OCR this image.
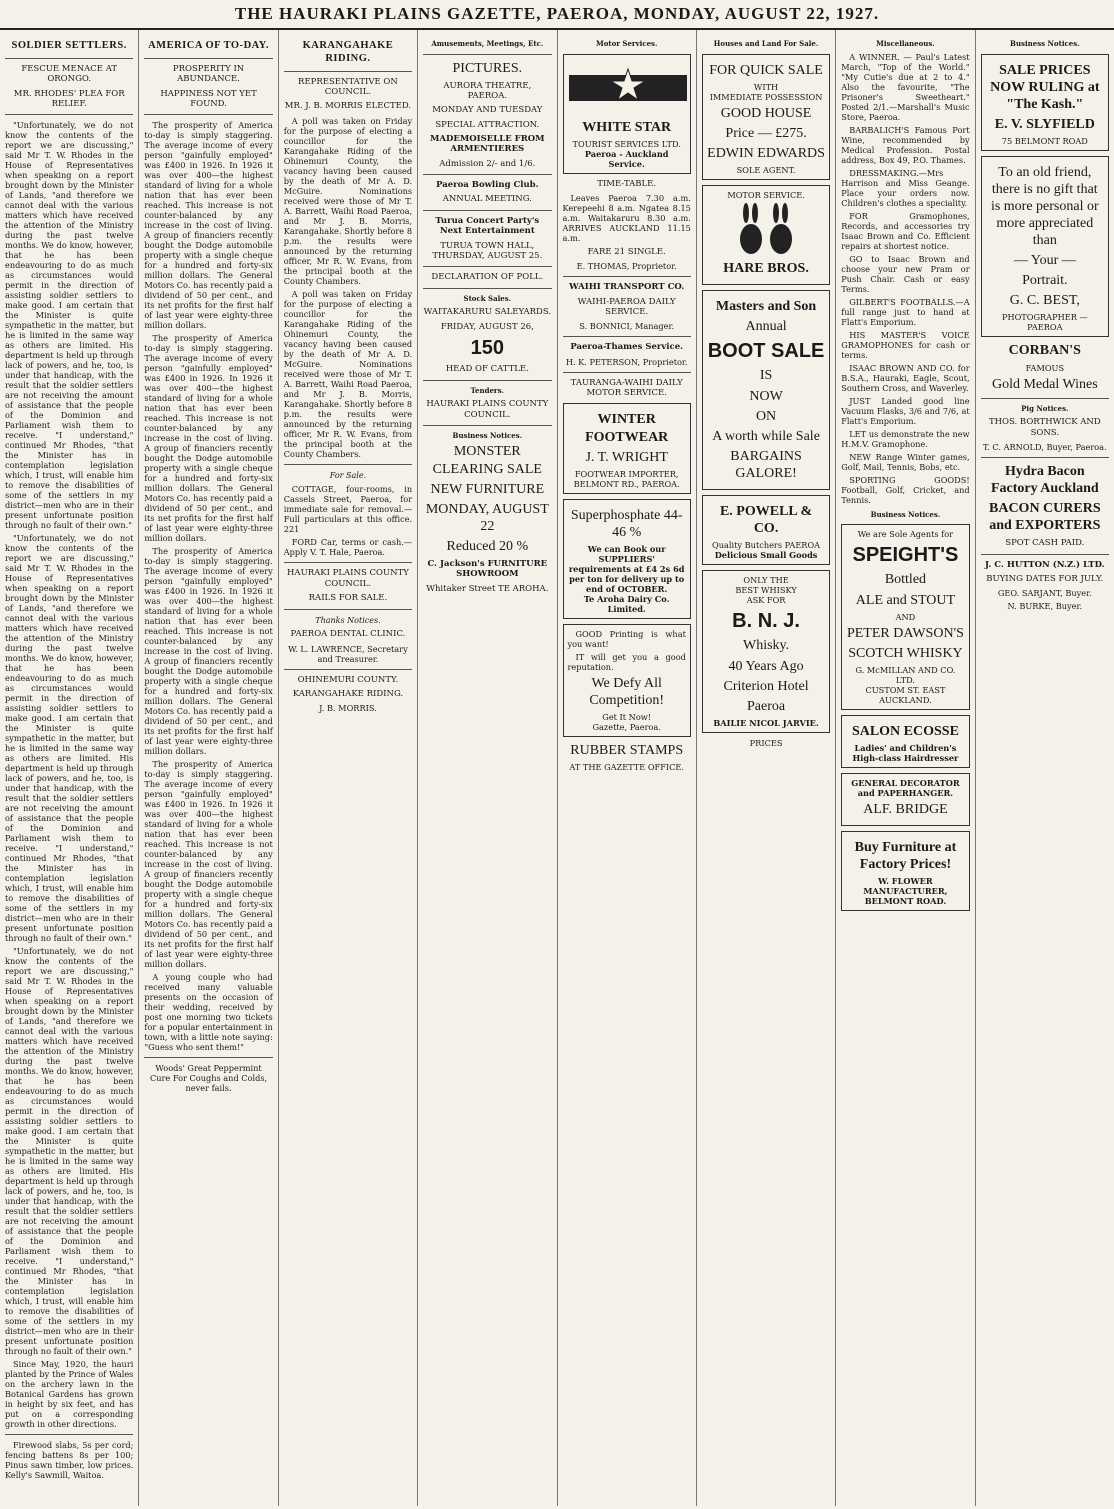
THE HAURAKI PLAINS GAZETTE, PAEROA, MONDAY, AUGUST 22, 1927.
SOLDIER SETTLERS.
FESCUE MENACE AT ORONGO.
MR. RHODES' PLEA FOR RELIEF.

"Unfortunately, we do not know the contents of the report we are discussing," said Mr T. W. Rhodes in the House of Representatives when speaking on a report brought down by the Minister of Lands, "and therefore we cannot deal with the various matters which have received the attention of the Ministry during the past twelve months. We do know, however, that he has been endeavouring to do as much as circumstances would permit in the direction of assisting soldier settlers to make good. I am certain that the Minister is quite sympathetic in the matter, but he is limited in the same way as others are limited. His department is held up through lack of powers, and he, too, is under that handicap, with the result that the soldier settlers are not receiving the amount of assistance that the people of the Dominion and Parliament wish them to receive. "I understand," continued Mr Rhodes, "that the Minister has in contemplation legislation which, I trust, will enable him to remove the disabilities of some of the settlers in my district—men who are in their present unfortunate position through no fault of their own."

"Unfortunately, we do not know the contents of the report we are discussing," said Mr T. W. Rhodes in the House of Representatives when speaking on a report brought down by the Minister of Lands, "and therefore we cannot deal with the various matters which have received the attention of the Ministry during the past twelve months. We do know, however, that he has been endeavouring to do as much as circumstances would permit in the direction of assisting soldier settlers to make good. I am certain that the Minister is quite sympathetic in the matter, but he is limited in the same way as others are limited. His department is held up through lack of powers, and he, too, is under that handicap, with the result that the soldier settlers are not receiving the amount of assistance that the people of the Dominion and Parliament wish them to receive. "I understand," continued Mr Rhodes, "that the Minister has in contemplation legislation which, I trust, will enable him to remove the disabilities of some of the settlers in my district—men who are in their present unfortunate position through no fault of their own."

"Unfortunately, we do not know the contents of the report we are discussing," said Mr T. W. Rhodes in the House of Representatives when speaking on a report brought down by the Minister of Lands, "and therefore we cannot deal with the various matters which have received the attention of the Ministry during the past twelve months. We do know, however, that he has been endeavouring to do as much as circumstances would permit in the direction of assisting soldier settlers to make good. I am certain that the Minister is quite sympathetic in the matter, but he is limited in the same way as others are limited. His department is held up through lack of powers, and he, too, is under that handicap, with the result that the soldier settlers are not receiving the amount of assistance that the people of the Dominion and Parliament wish them to receive. "I understand," continued Mr Rhodes, "that the Minister has in contemplation legislation which, I trust, will enable him to remove the disabilities of some of the settlers in my district—men who are in their present unfortunate position through no fault of their own."

Since May, 1920, the hauri planted by the Prince of Wales on the archery lawn in the Botanical Gardens has grown in height by six feet, and has put on a corresponding growth in other directions.

Firewood slabs, 5s per cord; fencing battens 8s per 100; Pinus sawn timber, low prices. Kelly's Sawmill, Waitoa.

AMERICA OF TO-DAY.
PROSPERITY IN ABUNDANCE.
HAPPINESS NOT YET FOUND.

The prosperity of America to-day is simply staggering. The average income of every person "gainfully employed" was £400 in 1926. In 1926 it was over 400—the highest standard of living for a whole nation that has ever been reached. This increase is not counter-balanced by any increase in the cost of living. A group of financiers recently bought the Dodge automobile property with a single cheque for a hundred and forty-six million dollars. The General Motors Co. has recently paid a dividend of 50 per cent., and its net profits for the first half of last year were eighty-three million dollars.

The prosperity of America to-day is simply staggering. The average income of every person "gainfully employed" was £400 in 1926. In 1926 it was over 400—the highest standard of living for a whole nation that has ever been reached. This increase is not counter-balanced by any increase in the cost of living. A group of financiers recently bought the Dodge automobile property with a single cheque for a hundred and forty-six million dollars. The General Motors Co. has recently paid a dividend of 50 per cent., and its net profits for the first half of last year were eighty-three million dollars.

The prosperity of America to-day is simply staggering. The average income of every person "gainfully employed" was £400 in 1926. In 1926 it was over 400—the highest standard of living for a whole nation that has ever been reached. This increase is not counter-balanced by any increase in the cost of living. A group of financiers recently bought the Dodge automobile property with a single cheque for a hundred and forty-six million dollars. The General Motors Co. has recently paid a dividend of 50 per cent., and its net profits for the first half of last year were eighty-three million dollars.

The prosperity of America to-day is simply staggering. The average income of every person "gainfully employed" was £400 in 1926. In 1926 it was over 400—the highest standard of living for a whole nation that has ever been reached. This increase is not counter-balanced by any increase in the cost of living. A group of financiers recently bought the Dodge automobile property with a single cheque for a hundred and forty-six million dollars. The General Motors Co. has recently paid a dividend of 50 per cent., and its net profits for the first half of last year were eighty-three million dollars.

A young couple who had received many valuable presents on the occasion of their wedding, received by post one morning two tickets for a popular entertainment in town, with a little note saying: "Guess who sent them!"

Woods' Great Peppermint Cure For Coughs and Colds, never fails.

KARANGAHAKE RIDING.
REPRESENTATIVE ON COUNCIL.
MR. J. B. MORRIS ELECTED.

A poll was taken on Friday for the purpose of electing a councillor for the Karangahake Riding of the Ohinemuri County, the vacancy having been caused by the death of Mr A. D. McGuire. Nominations received were those of Mr T. A. Barrett, Waihi Road Paeroa, and Mr J. B. Morris, Karangahake. Shortly before 8 p.m. the results were announced by the returning officer, Mr R. W. Evans, from the principal booth at the County Chambers.

A poll was taken on Friday for the purpose of electing a councillor for the Karangahake Riding of the Ohinemuri County, the vacancy having been caused by the death of Mr A. D. McGuire. Nominations received were those of Mr T. A. Barrett, Waihi Road Paeroa, and Mr J. B. Morris, Karangahake. Shortly before 8 p.m. the results were announced by the returning officer, Mr R. W. Evans, from the principal booth at the County Chambers.

For Sale.

COTTAGE, four-rooms, in Cassels Street, Paeroa, for immediate sale for removal.—Full particulars at this office. 221

FORD Car, terms or cash.—Apply V. T. Hale, Paeroa.

HAURAKI PLAINS COUNTY COUNCIL.
RAILS FOR SALE.
Thanks Notices.
PAEROA DENTAL CLINIC.

W. L. LAWRENCE, Secretary and Treasurer.

OHINEMURI COUNTY.
KARANGAHAKE RIDING.

J. B. MORRIS.

Amusements, Meetings, Etc.
PICTURES.
AURORA THEATRE, PAEROA.
MONDAY AND TUESDAY
SPECIAL ATTRACTION.
MADEMOISELLE FROM ARMENTIERES
Admission 2/- and 1/6.
Paeroa Bowling Club.
ANNUAL MEETING.
Turua Concert Party's Next Entertainment
TURUA TOWN HALL, THURSDAY, AUGUST 25.
DECLARATION OF POLL.
Stock Sales.
WAITAKARURU SALEYARDS.
FRIDAY, AUGUST 26,
150
HEAD OF CATTLE.
Tenders.
HAURAKI PLAINS COUNTY COUNCIL.
Business Notices.
MONSTER CLEARING SALE
NEW FURNITURE
MONDAY, AUGUST 22
Reduced 20 %
C. Jackson's FURNITURE SHOWROOM
Whitaker Street TE AROHA.
Motor Services.
WHITE STAR
TOURIST SERVICES LTD.
Paeroa - Auckland Service.
TIME-TABLE.

Leaves Paeroa 7.30 a.m. Kerepeehi 8 a.m. Ngatea 8.15 a.m. Waitakaruru 8.30 a.m. ARRIVES AUCKLAND 11.15 a.m.

FARE 21 SINGLE.

E. THOMAS, Proprietor.

WAIHI TRANSPORT CO.
WAIHI-PAEROA DAILY SERVICE.

S. BONNICI, Manager.

Paeroa-Thames Service.

H. K. PETERSON, Proprietor.

TAURANGA-WAIHI DAILY MOTOR SERVICE.
WINTER FOOTWEAR
J. T. WRIGHT
FOOTWEAR IMPORTER, BELMONT RD., PAEROA.
Superphosphate 44-46 %
We can Book our SUPPLIERS' requirements at £4 2s 6d per ton for delivery up to end of OCTOBER.
Te Aroha Dairy Co. Limited.

GOOD Printing is what you want!

IT will get you a good reputation.

We Defy All Competition!
Get It Now!
Gazette, Paeroa.
RUBBER STAMPS
AT THE GAZETTE OFFICE.
Houses and Land For Sale.
FOR QUICK SALE
WITH
IMMEDIATE POSSESSION
GOOD HOUSE
Price — £275.
EDWIN EDWARDS
SOLE AGENT.
MOTOR SERVICE.
HARE BROS.
Masters and Son
Annual
BOOT SALE
IS
NOW
ON
A worth while Sale
BARGAINS GALORE!
E. POWELL & CO.
Quality Butchers PAEROA
Delicious Small Goods
ONLY THE
BEST WHISKY
ASK FOR
B. N. J.
Whisky.
40 Years Ago
Criterion Hotel
Paeroa
BAILIE NICOL JARVIE.
PRICES
Miscellaneous.

A WINNER. — Paul's Latest March, "Top of the World." "My Cutie's due at 2 to 4." Also the favourite, "The Prisoner's Sweetheart." Posted 2/1.—Marshall's Music Store, Paeroa.

BARBALICH'S Famous Port Wine, recommended by Medical Profession. Postal address, Box 49, P.O. Thames.

DRESSMAKING.—Mrs Harrison and Miss Geange. Place your orders now. Children's clothes a speciality.

FOR Gramophones, Records, and accessories try Isaac Brown and Co. Efficient repairs at shortest notice.

GO to Isaac Brown and choose your new Pram or Push Chair. Cash or easy Terms.

GILBERT'S FOOTBALLS.—A full range just to hand at Flatt's Emporium.

HIS MASTER'S VOICE GRAMOPHONES for cash or terms.

ISAAC BROWN AND CO. for B.S.A., Hauraki, Eagle, Scout, Southern Cross, and Waverley.

JUST Landed good line Vacuum Flasks, 3/6 and 7/6, at Flatt's Emporium.

LET us demonstrate the new H.M.V. Gramophone.

NEW Range Winter games, Golf, Mail, Tennis, Bobs, etc.

SPORTING GOODS! Football, Golf, Cricket, and Tennis.

Business Notices.
We are Sole Agents for
SPEIGHT'S
Bottled
ALE and STOUT
AND
PETER DAWSON'S
SCOTCH WHISKY
G. McMILLAN AND CO. LTD.
CUSTOM ST. EAST AUCKLAND.
SALON ECOSSE
Ladies' and Children's High-class Hairdresser
GENERAL DECORATOR and PAPERHANGER.
ALF. BRIDGE
Buy Furniture at Factory Prices!
W. FLOWER MANUFACTURER, BELMONT ROAD.
Business Notices.
SALE PRICES NOW RULING at "The Kash."
E. V. SLYFIELD
75 BELMONT ROAD
To an old friend, there is no gift that is more personal or more appreciated than
— Your —
Portrait.
G. C. BEST,
PHOTOGRAPHER — PAEROA
CORBAN'S
FAMOUS
Gold Medal Wines
Pig Notices.
THOS. BORTHWICK AND SONS.

T. C. ARNOLD, Buyer, Paeroa.

Hydra Bacon Factory Auckland
BACON CURERS and EXPORTERS
SPOT CASH PAID.
J. C. HUTTON (N.Z.) LTD.
BUYING DATES FOR JULY.

GEO. SARJANT, Buyer.

N. BURKE, Buyer.
